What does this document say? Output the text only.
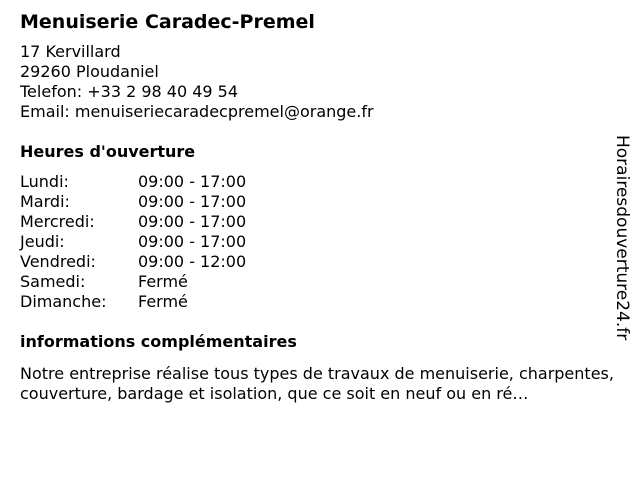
Menuiserie Caradec-Premel
17 Kervillard
29260 Ploudaniel
Telefon: +33 2 98 40 49 54
Email: menuiseriecaradecpremel@orange.fr
Heures d'ouverture
Lundi:	09:00 - 17:00
Mardi:	09:00 - 17:00
Mercredi:	09:00 - 17:00
Jeudi:	09:00 - 17:00
Vendredi:	09:00 - 12:00
Samedi:	Fermé
Dimanche:	Fermé
informations complémentaires
Notre entreprise réalise tous types de travaux de menuiserie, charpentes, couverture, bardage et isolation, que ce soit en neuf ou en ré…
Horairesdouverture24.fr
